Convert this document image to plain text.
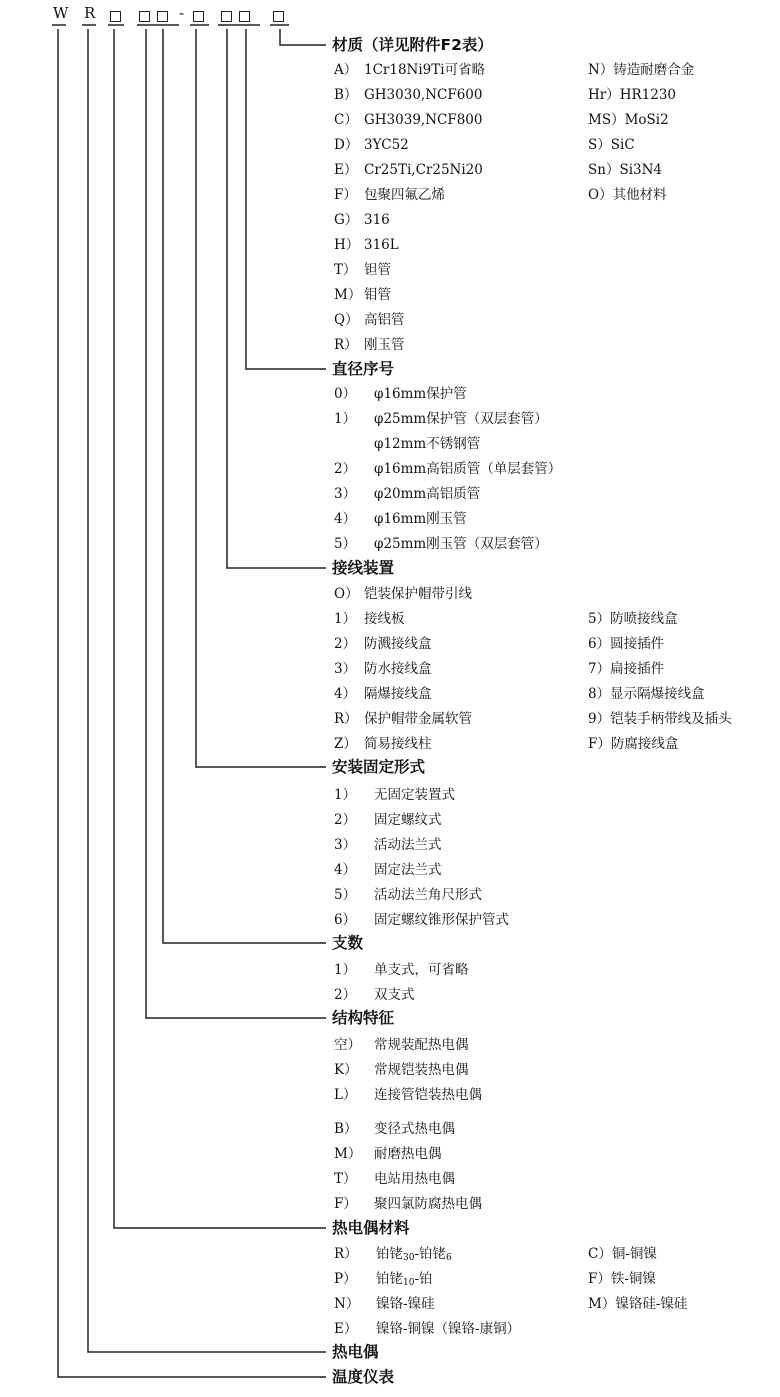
W R	-
材质（详见附件F2表）
A） 1Cr18Ni9Ti可省略
B） GH3030,NCF600
C） GH3039,NCF800
D） 3YC52
E） Cr25Ti,Cr25Ni20
F） 包聚四氟乙烯
G） 316
H） 316L
T） 钽管
M） 钼管
Q） 高铝管
R） 刚玉管
N）铸造耐磨合金
Hr）HR1230
MS）MoSi2
S）SiC
Sn）Si3N4
O）其他材料
直径序号
0） φ16mm保护管
1） φ25mm保护管（双层套管）
φ12mm不锈钢管
2） φ16mm高铝质管（单层套管）
3） φ20mm高铝质管
4） φ16mm刚玉管
5） φ25mm刚玉管（双层套管）
接线装置
O） 铠装保护帽带引线
1） 接线板
2） 防溅接线盒
3） 防水接线盒
4） 隔爆接线盒
R） 保护帽带金属软管
Z） 简易接线柱
5）防喷接线盒
6）圆接插件
7）扁接插件
8）显示隔爆接线盒
9）铠装手柄带线及插头
F）防腐接线盒
安装固定形式
1） 无固定装置式
2） 固定螺纹式
3） 活动法兰式
4） 固定法兰式
5） 活动法兰角尺形式
6） 固定螺纹锥形保护管式
支数
1） 单支式，可省略
2） 双支式
结构特征
空） 常规装配热电偶
K） 常规铠装热电偶
L） 连接管铠装热电偶
B） 变径式热电偶
M） 耐磨热电偶
T） 电站用热电偶
F） 聚四氯防腐热电偶
热电偶材料
R） 铂铑$_{30}$-铂铑$_6$
P） 铂铑$_{10}$-铂
N） 镍铬-镍硅
E） 镍铬-铜镍（镍铬-康铜）
C）铜-铜镍
F）铁-铜镍
M）镍铬硅-镍硅
热电偶
温度仪表
